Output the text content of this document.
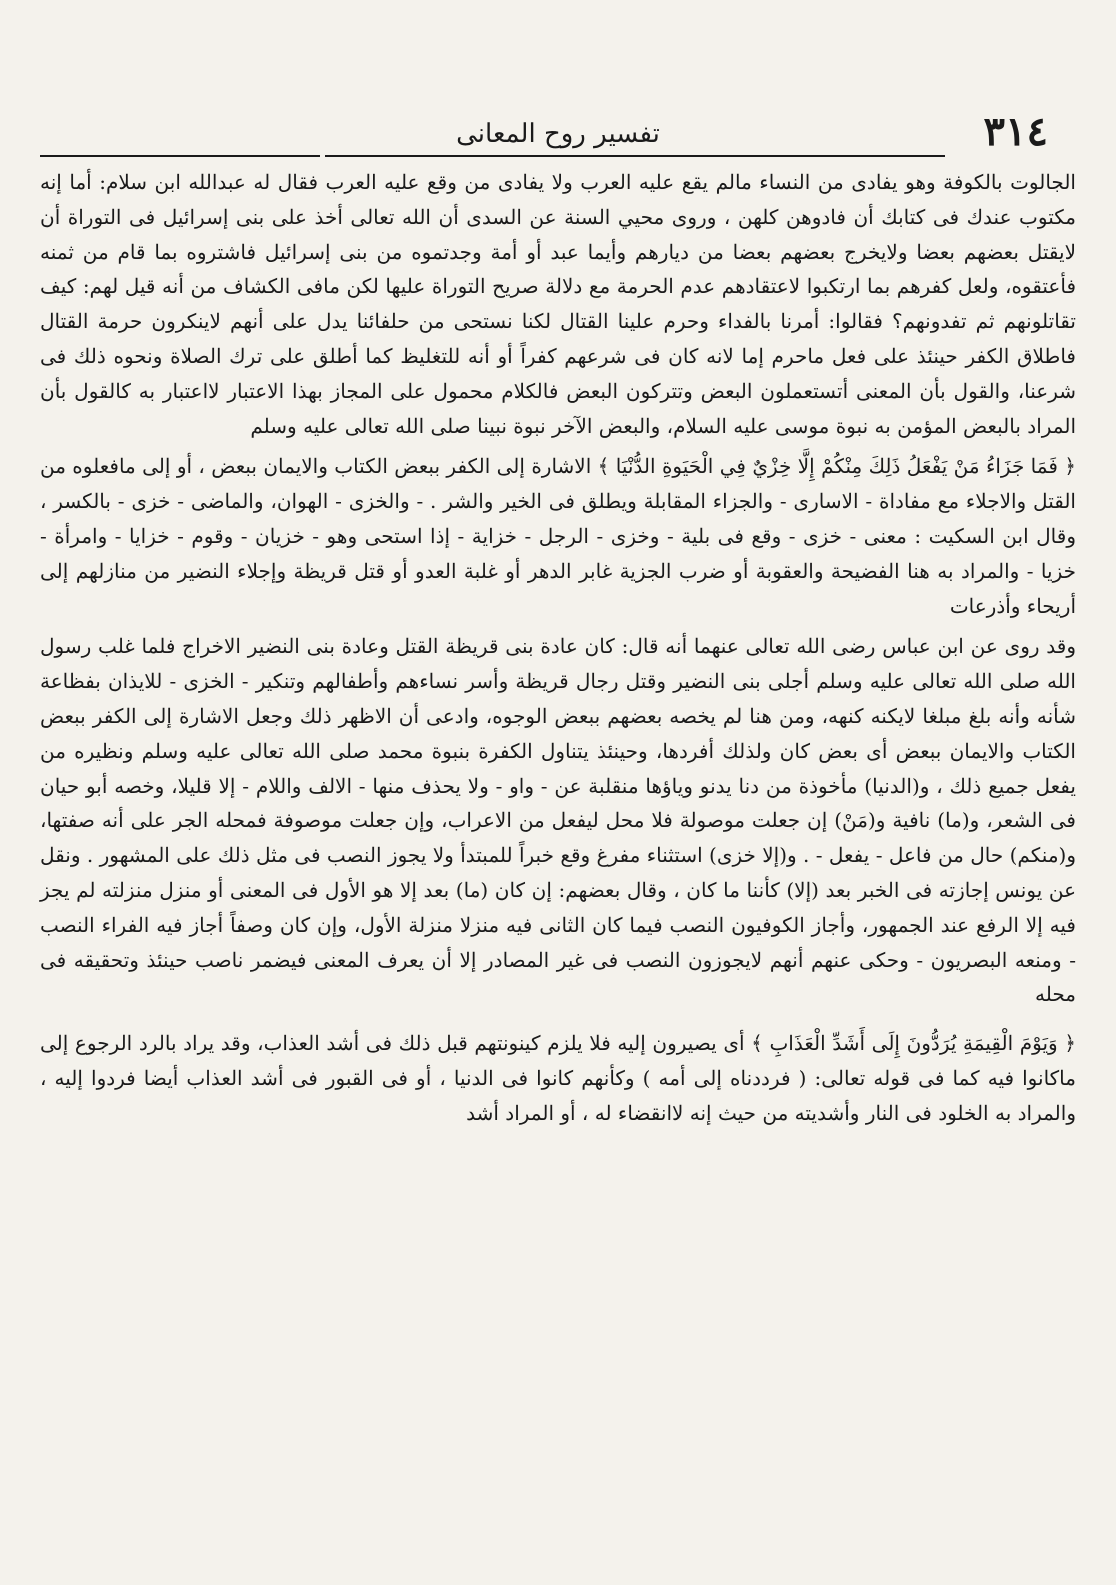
تفسير روح المعانى	٣١٤

الجالوت بالكوفة وهو يفادى من النساء مالم يقع عليه العرب ولا يفادى من وقع عليه العرب فقال له عبدالله ابن سلام: أما إنه مكتوب عندك فى كتابك أن فادوهن كلهن ، وروى محيي السنة عن السدى أن الله تعالى أخذ على بنى إسرائيل فى التوراة أن لايقتل بعضهم بعضا ولايخرج بعضهم بعضا من ديارهم وأيما عبد أو أمة وجدتموه من بنى إسرائيل فاشتروه بما قام من ثمنه فأعتقوه، ولعل كفرهم بما ارتكبوا لاعتقادهم عدم الحرمة مع دلالة صريح التوراة عليها لكن مافى الكشاف من أنه قيل لهم: كيف تقاتلونهم ثم تفدونهم؟ فقالوا: أمرنا بالفداء وحرم علينا القتال لكنا نستحى من حلفائنا يدل على أنهم لاينكرون حرمة القتال فاطلاق الكفر حينئذ على فعل ماحرم إما لانه كان فى شرعهم كفراً أو أنه للتغليظ كما أطلق على ترك الصلاة ونحوه ذلك فى شرعنا، والقول بأن المعنى أتستعملون البعض وتتركون البعض فالكلام محمول على المجاز بهذا الاعتبار لااعتبار به كالقول بأن المراد بالبعض المؤمن به نبوة موسى عليه السلام، والبعض الآخر نبوة نبينا صلى الله تعالى عليه وسلم

﴿ فَمَا جَزَاءُ مَنْ يَفْعَلُ ذَلِكَ مِنْكُمْ إِلَّا خِزْيٌ فِي الْحَيَوةِ الدُّنْيَا ﴾ الاشارة إلى الكفر ببعض الكتاب والايمان ببعض ، أو إلى مافعلوه من القتل والاجلاء مع مفاداة - الاسارى - والجزاء المقابلة ويطلق فى الخير والشر . - والخزى - الهوان، والماضى - خزى - بالكسر ، وقال ابن السكيت : معنى - خزى - وقع فى بلية - وخزى - الرجل - خزاية - إذا استحى وهو - خزيان - وقوم - خزايا - وامرأة - خزيا - والمراد به هنا الفضيحة والعقوبة أو ضرب الجزية غابر الدهر أو غلبة العدو أو قتل قريظة وإجلاء النضير من منازلهم إلى أريحاء وأذرعات

وقد روى عن ابن عباس رضى الله تعالى عنهما أنه قال: كان عادة بنى قريظة القتل وعادة بنى النضير الاخراج فلما غلب رسول الله صلى الله تعالى عليه وسلم أجلى بنى النضير وقتل رجال قريظة وأسر نساءهم وأطفالهم وتنكير - الخزى - للايذان بفظاعة شأنه وأنه بلغ مبلغا لايكنه كنهه، ومن هنا لم يخصه بعضهم ببعض الوجوه، وادعى أن الاظهر ذلك وجعل الاشارة إلى الكفر ببعض الكتاب والايمان ببعض أى بعض كان ولذلك أفردها، وحينئذ يتناول الكفرة بنبوة محمد صلى الله تعالى عليه وسلم ونظيره من يفعل جميع ذلك ، و(الدنيا) مأخوذة من دنا يدنو وياؤها منقلبة عن - واو - ولا يحذف منها - الالف واللام - إلا قليلا، وخصه أبو حيان فى الشعر، و(ما) نافية و(مَنْ) إن جعلت موصولة فلا محل ليفعل من الاعراب، وإن جعلت موصوفة فمحله الجر على أنه صفتها، و(منكم) حال من فاعل - يفعل - . و(إلا خزى) استثناء مفرغ وقع خبراً للمبتدأ ولا يجوز النصب فى مثل ذلك على المشهور . ونقل عن يونس إجازته فى الخبر بعد (إلا) كأننا ما كان ، وقال بعضهم: إن كان (ما) بعد إلا هو الأول فى المعنى أو منزل منزلته لم يجز فيه إلا الرفع عند الجمهور، وأجاز الكوفيون النصب فيما كان الثانى فيه منزلا منزلة الأول، وإن كان وصفاً أجاز فيه الفراء النصب - ومنعه البصريون - وحكى عنهم أنهم لايجوزون النصب فى غير المصادر إلا أن يعرف المعنى فيضمر ناصب حينئذ وتحقيقه فى محله

﴿ وَيَوْمَ الْقِيمَةِ يُرَدُّونَ إِلَى أَشَدِّ الْعَذَابِ ﴾ أى يصيرون إليه فلا يلزم كينونتهم قبل ذلك فى أشد العذاب، وقد يراد بالرد الرجوع إلى ماكانوا فيه كما فى قوله تعالى: ( فرددناه إلى أمه ) وكأنهم كانوا فى الدنيا ، أو فى القبور فى أشد العذاب أيضا فردوا إليه ، والمراد به الخلود فى النار وأشديته من حيث إنه لاانقضاء له ، أو المراد أشد
